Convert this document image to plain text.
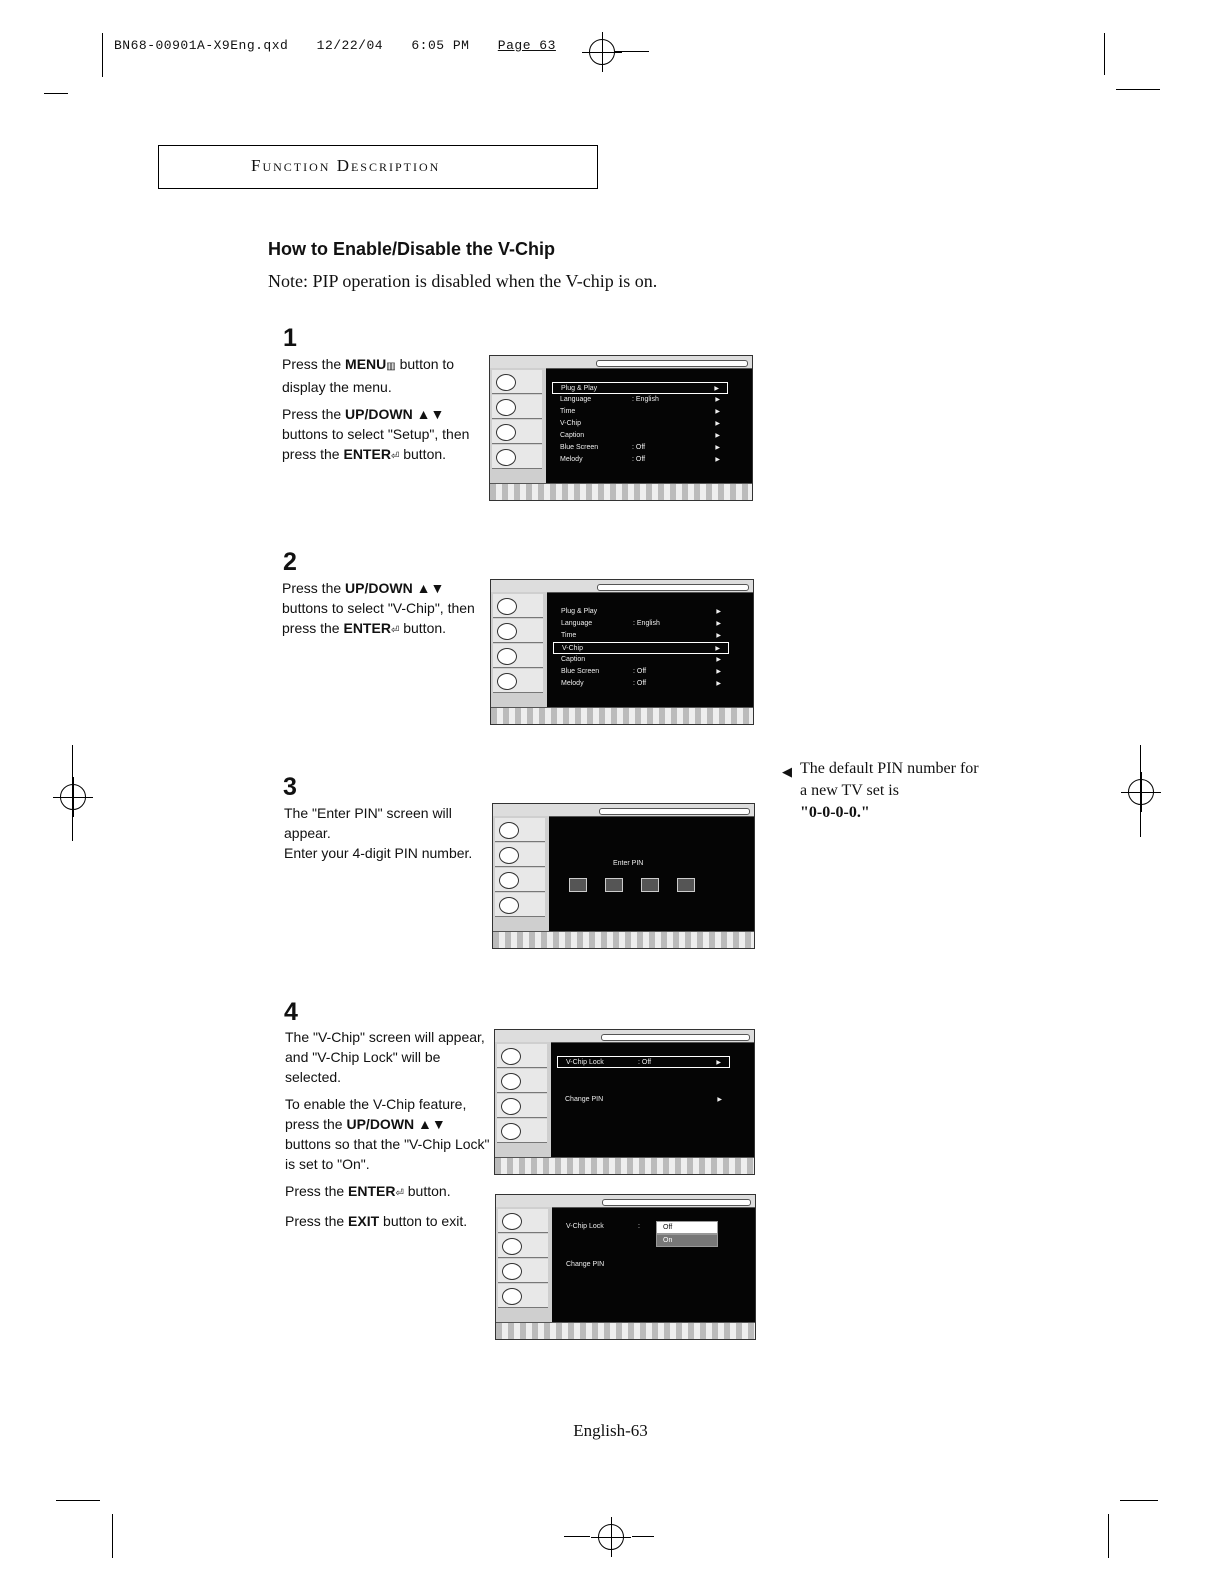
BN68-00901A-X9Eng.qxd 12/22/04 6:05 PM Page 63
Function Description
How to Enable/Disable the V-Chip
Note: PIP operation is disabled when the V-chip is on.
1

Press the MENU▥ button to display the menu.

Press the UP/DOWN ▲▼ buttons to select "Setup", then press the ENTER⏎ button.

Plug & Play	▶
Language	: English	▶
Time	▶
V-Chip	▶
Caption	▶
Blue Screen	: Off	▶
Melody	: Off	▶
2

Press the UP/DOWN ▲▼ buttons to select "V-Chip", then press the ENTER⏎ button.

Plug & Play	▶
Language	: English	▶
Time	▶
V-Chip	▶
Caption	▶
Blue Screen	: Off	▶
Melody	: Off	▶
3

The "Enter PIN" screen will appear.
Enter your 4-digit PIN number.

Enter PIN
◀ The default PIN number for a new TV set is
"0-0-0-0."
4

The "V-Chip" screen will appear, and "V-Chip Lock" will be selected.

To enable the V-Chip feature, press the UP/DOWN ▲▼ buttons so that the "V-Chip Lock" is set to "On".

Press the ENTER⏎ button.

Press the EXIT button to exit.

V-Chip Lock	: Off	▶
Change PIN	▶
V-Chip Lock	:
Change PIN
Off
On
English-63
